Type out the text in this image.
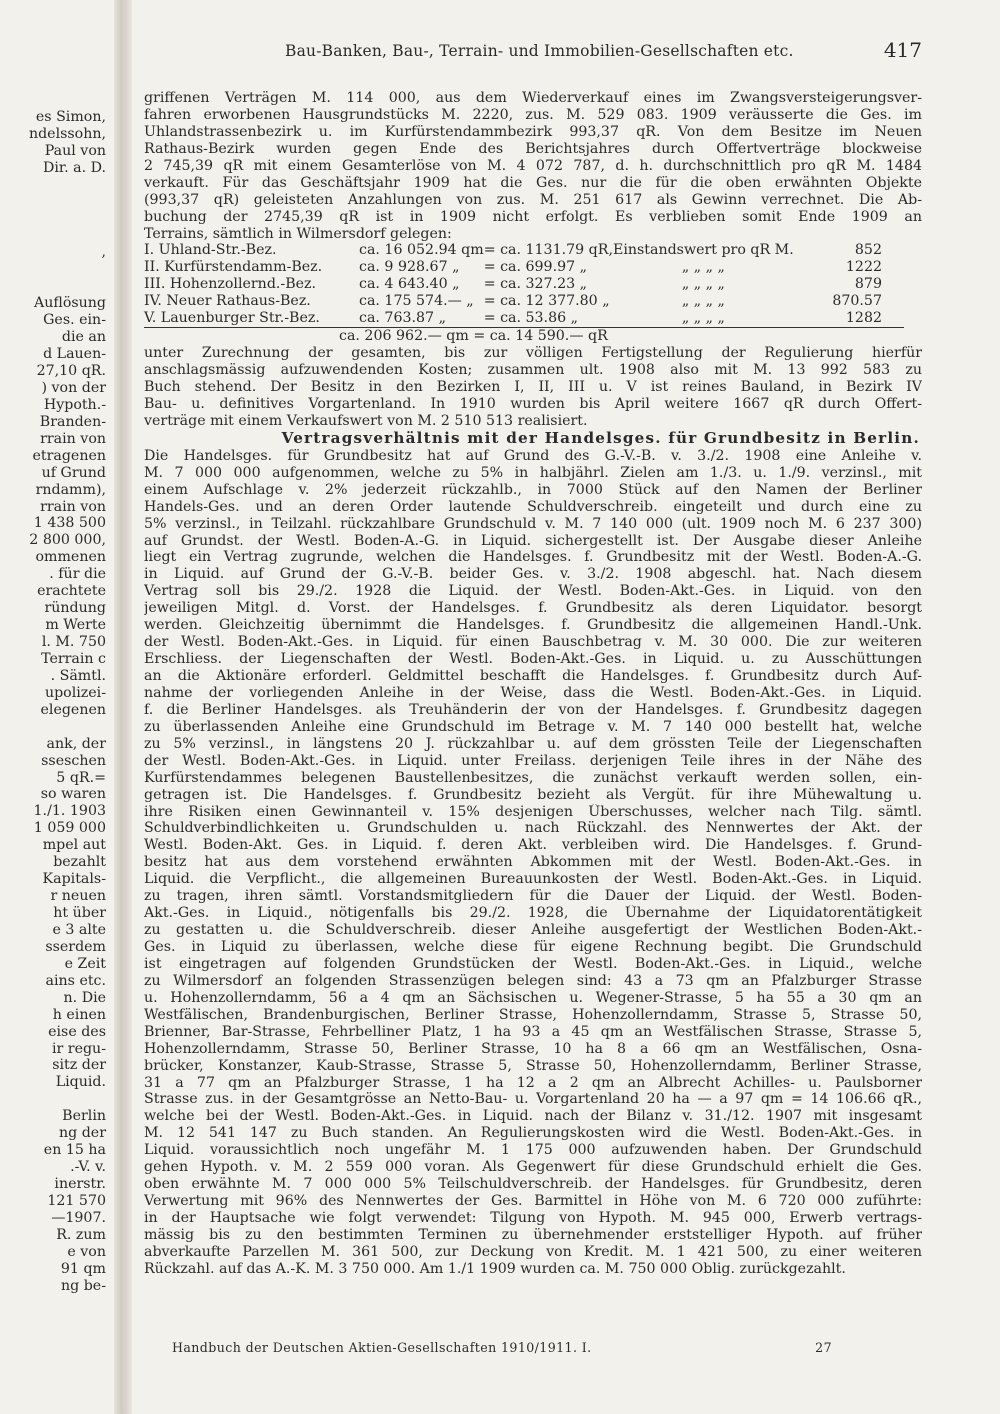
es Simon,
ndelssohn,
Paul von
Dir. a. D.
,
Auflösung
Ges. ein-
die an
d Lauen-
27,10 qR.
) von der
Hypoth.-
Branden-
rrain von
etragenen
uf Grund
rndamm),
rrain von
1 438 500
2 800 000,
ommenen
. für die
erachtete
ründung
m Werte
l. M. 750
Terrain c
. Sämtl.
upolizei-
elegenen
ank, der
sseschen
5 qR.=
so waren
1./1. 1903
1 059 000
mpel aut
bezahlt
Kapitals-
r neuen
ht über
e 3 alte
sserdem
e Zeit
ains etc.
n. Die
h einen
eise des
ir regu-
sitz der
Liquid.
Berlin
ng der
en 15 ha
.-V. v.
inerstr.
121 570
—1907.
R. zum
e von
91 qm
ng be-
Bau-Banken, Bau-, Terrain- und Immobilien-Gesellschaften etc.	417
griffenen Verträgen M. 114 000, aus dem Wiederverkauf eines im Zwangsversteigerungsver-
fahren erworbenen Hausgrundstücks M. 2220, zus. M. 529 083. 1909 veräusserte die Ges. im
Uhlandstrassenbezirk u. im Kurfürstendammbezirk 993,37 qR. Von dem Besitze im Neuen
Rathaus-Bezirk wurden gegen Ende des Berichtsjahres durch Offertverträge blockweise
2 745,39 qR mit einem Gesamterlöse von M. 4 072 787, d. h. durchschnittlich pro qR M. 1484
verkauft. Für das Geschäftsjahr 1909 hat die Ges. nur die für die oben erwähnten Objekte
(993,37 qR) geleisteten Anzahlungen von zus. M. 251 617 als Gewinn verrechnet. Die Ab-
buchung der 2745,39 qR ist in 1909 nicht erfolgt. Es verblieben somit Ende 1909 an
Terrains, sämtlich in Wilmersdorf gelegen:
I. Uhland-Str.-Bez.	ca. 16 052.94 qm	= ca. 1131.79 qR,	Einstandswert pro qR M.	852
II. Kurfürstendamm-Bez.	ca. 9 928.67 „	= ca. 699.97 „	„ „ „ „	1222
III. Hohenzollernd.-Bez.	ca. 4 643.40 „	= ca. 327.23 „	„ „ „ „	879
IV. Neuer Rathaus-Bez.	ca. 175 574.— „	= ca. 12 377.80 „	„ „ „ „	870.57
V. Lauenburger Str.-Bez.	ca. 763.87 „	= ca. 53.86 „	„ „ „ „	1282
ca. 206 962.— qm = ca. 14 590.— qR				
unter Zurechnung der gesamten, bis zur völligen Fertigstellung der Regulierung hierfür
anschlagsmässig aufzuwendenden Kosten; zusammen ult. 1908 also mit M. 13 992 583 zu
Buch stehend. Der Besitz in den Bezirken I, II, III u. V ist reines Bauland, in Bezirk IV
Bau- u. definitives Vorgartenland. In 1910 wurden bis April weitere 1667 qR durch Offert-
verträge mit einem Verkaufswert von M. 2 510 513 realisiert.
Vertragsverhältnis mit der Handelsges. für Grundbesitz in Berlin.
Die Handelsges. für Grundbesitz hat auf Grund des G.-V.-B. v. 3./2. 1908 eine Anleihe v.
M. 7 000 000 aufgenommen, welche zu 5% in halbjährl. Zielen am 1./3. u. 1./9. verzinsl., mit
einem Aufschlage v. 2% jederzeit rückzahlb., in 7000 Stück auf den Namen der Berliner
Handels-Ges. und an deren Order lautende Schuldverschreib. eingeteilt und durch eine zu
5% verzinsl., in Teilzahl. rückzahlbare Grundschuld v. M. 7 140 000 (ult. 1909 noch M. 6 237 300)
auf Grundst. der Westl. Boden-A.-G. in Liquid. sichergestellt ist. Der Ausgabe dieser Anleihe
liegt ein Vertrag zugrunde, welchen die Handelsges. f. Grundbesitz mit der Westl. Boden-A.-G.
in Liquid. auf Grund der G.-V.-B. beider Ges. v. 3./2. 1908 abgeschl. hat. Nach diesem
Vertrag soll bis 29./2. 1928 die Liquid. der Westl. Boden-Akt.-Ges. in Liquid. von den
jeweiligen Mitgl. d. Vorst. der Handelsges. f. Grundbesitz als deren Liquidator. besorgt
werden. Gleichzeitig übernimmt die Handelsges. f. Grundbesitz die allgemeinen Handl.-Unk.
der Westl. Boden-Akt.-Ges. in Liquid. für einen Bauschbetrag v. M. 30 000. Die zur weiteren
Erschliess. der Liegenschaften der Westl. Boden-Akt.-Ges. in Liquid. u. zu Ausschüttungen
an die Aktionäre erforderl. Geldmittel beschafft die Handelsges. f. Grundbesitz durch Auf-
nahme der vorliegenden Anleihe in der Weise, dass die Westl. Boden-Akt.-Ges. in Liquid.
f. die Berliner Handelsges. als Treuhänderin der von der Handelsges. f. Grundbesitz dagegen
zu überlassenden Anleihe eine Grundschuld im Betrage v. M. 7 140 000 bestellt hat, welche
zu 5% verzinsl., in längstens 20 J. rückzahlbar u. auf dem grössten Teile der Liegenschaften
der Westl. Boden-Akt.-Ges. in Liquid. unter Freilass. derjenigen Teile ihres in der Nähe des
Kurfürstendammes belegenen Baustellenbesitzes, die zunächst verkauft werden sollen, ein-
getragen ist. Die Handelsges. f. Grundbesitz bezieht als Vergüt. für ihre Mühewaltung u.
ihre Risiken einen Gewinnanteil v. 15% desjenigen Überschusses, welcher nach Tilg. sämtl.
Schuldverbindlichkeiten u. Grundschulden u. nach Rückzahl. des Nennwertes der Akt. der
Westl. Boden-Akt. Ges. in Liquid. f. deren Akt. verbleiben wird. Die Handelsges. f. Grund-
besitz hat aus dem vorstehend erwähnten Abkommen mit der Westl. Boden-Akt.-Ges. in
Liquid. die Verpflicht., die allgemeinen Bureauunkosten der Westl. Boden-Akt.-Ges. in Liquid.
zu tragen, ihren sämtl. Vorstandsmitgliedern für die Dauer der Liquid. der Westl. Boden-
Akt.-Ges. in Liquid., nötigenfalls bis 29./2. 1928, die Übernahme der Liquidatorentätigkeit
zu gestatten u. die Schuldverschreib. dieser Anleihe ausgefertigt der Westlichen Boden-Akt.-
Ges. in Liquid zu überlassen, welche diese für eigene Rechnung begibt. Die Grundschuld
ist eingetragen auf folgenden Grundstücken der Westl. Boden-Akt.-Ges. in Liquid., welche
zu Wilmersdorf an folgenden Strassenzügen belegen sind: 43 a 73 qm an Pfalzburger Strasse
u. Hohenzollerndamm, 56 a 4 qm an Sächsischen u. Wegener-Strasse, 5 ha 55 a 30 qm an
Westfälischen, Brandenburgischen, Berliner Strasse, Hohenzollerndamm, Strasse 5, Strasse 50,
Brienner, Bar-Strasse, Fehrbelliner Platz, 1 ha 93 a 45 qm an Westfälischen Strasse, Strasse 5,
Hohenzollerndamm, Strasse 50, Berliner Strasse, 10 ha 8 a 66 qm an Westfälischen, Osna-
brücker, Konstanzer, Kaub-Strasse, Strasse 5, Strasse 50, Hohenzollerndamm, Berliner Strasse,
31 a 77 qm an Pfalzburger Strasse, 1 ha 12 a 2 qm an Albrecht Achilles- u. Paulsborner
Strasse zus. in der Gesamtgrösse an Netto-Bau- u. Vorgartenland 20 ha — a 97 qm = 14 106.66 qR.,
welche bei der Westl. Boden-Akt.-Ges. in Liquid. nach der Bilanz v. 31./12. 1907 mit insgesamt
M. 12 541 147 zu Buch standen. An Regulierungskosten wird die Westl. Boden-Akt.-Ges. in
Liquid. voraussichtlich noch ungefähr M. 1 175 000 aufzuwenden haben. Der Grundschuld
gehen Hypoth. v. M. 2 559 000 voran. Als Gegenwert für diese Grundschuld erhielt die Ges.
oben erwähnte M. 7 000 000 5% Teilschuldverschreib. der Handelsges. für Grundbesitz, deren
Verwertung mit 96% des Nennwertes der Ges. Barmittel in Höhe von M. 6 720 000 zuführte:
in der Hauptsache wie folgt verwendet: Tilgung von Hypoth. M. 945 000, Erwerb vertrags-
mässig bis zu den bestimmten Terminen zu übernehmender erststelliger Hypoth. auf früher
abverkaufte Parzellen M. 361 500, zur Deckung von Kredit. M. 1 421 500, zu einer weiteren
Rückzahl. auf das A.-K. M. 3 750 000. Am 1./1 1909 wurden ca. M. 750 000 Oblig. zurückgezahlt.
Handbuch der Deutschen Aktien-Gesellschaften 1910/1911. I.	27
